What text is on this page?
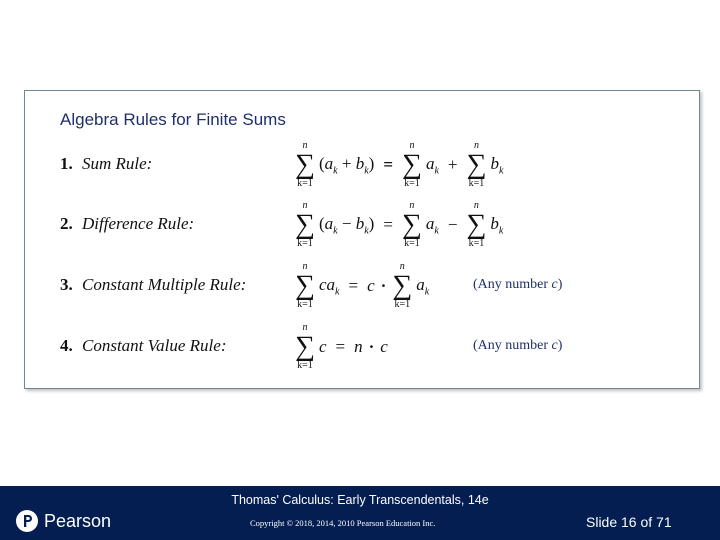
Algebra Rules for Finite Sums
1. Sum Rule:
n
∑
k=1
$(a_k + b_k)$ =
n
∑
k=1
$a_k$ +
n
∑
k=1
$b_k$
2. Difference Rule:
n
∑
k=1
$(a_k - b_k)$ =
n
∑
k=1
$a_k$ −
n
∑
k=1
$b_k$
3. Constant Multiple Rule:
n
∑
k=1
$ca_k = c$ ·
n
∑
k=1
$a_k$	(Any number c)
4. Constant Value Rule:
n
∑
k=1
c = n · c	(Any number c)
Pearson
Thomas' Calculus: Early Transcendentals, 14e
Copyright © 2018, 2014, 2010 Pearson Education Inc.	Slide 16 of 71
